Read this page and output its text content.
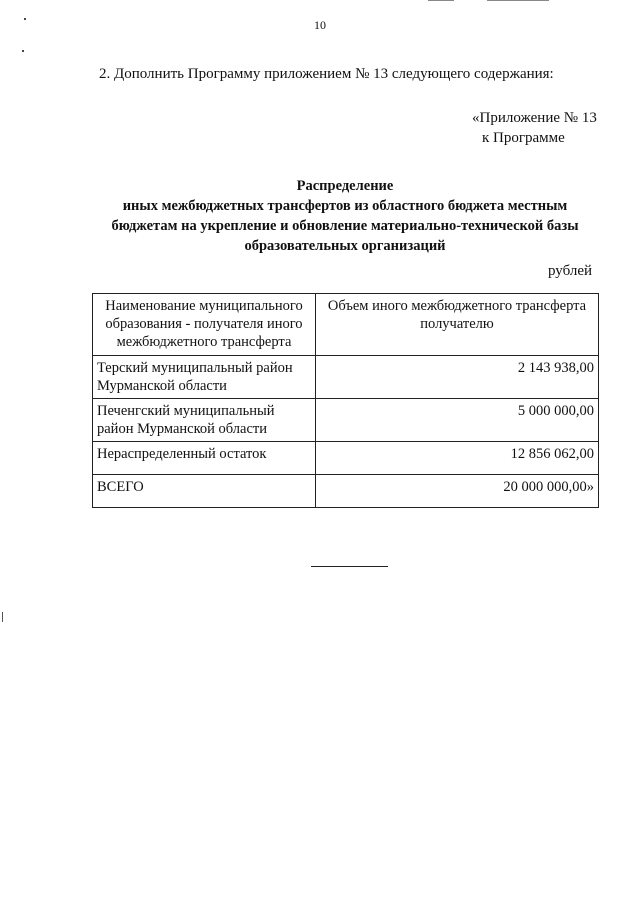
10
2. Дополнить Программу приложением № 13 следующего содержания:
«Приложение № 13
к Программе
Распределение
иных межбюджетных трансфертов из областного бюджета местным
бюджетам на укрепление и обновление материально-технической базы
образовательных организаций
рублей
Наименование муниципального образования - получателя иного межбюджетного трансферта	Объем иного межбюджетного трансферта получателю
Терский муниципальный район Мурманской области	2 143 938,00
Печенгский муниципальный район Мурманской области	5 000 000,00
Нераспределенный остаток	12 856 062,00
ВСЕГО	20 000 000,00»
